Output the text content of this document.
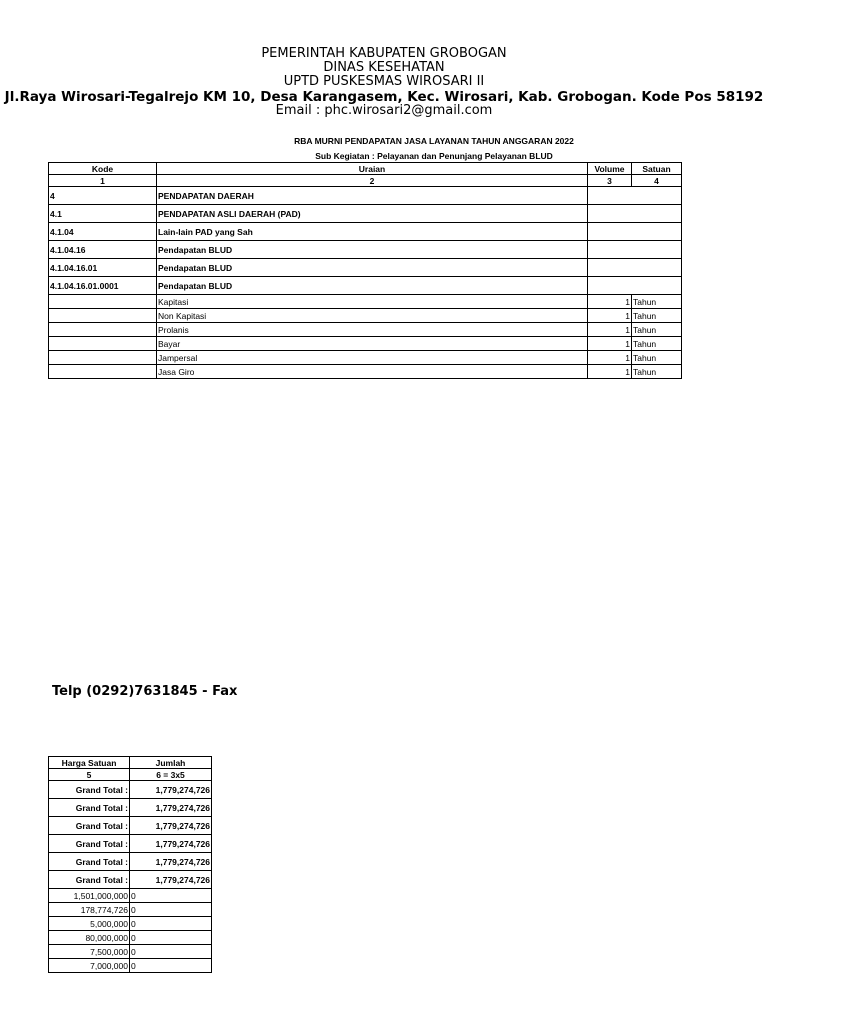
PEMERINTAH KABUPATEN GROBOGAN
DINAS KESEHATAN
UPTD PUSKESMAS WIROSARI II
Jl.Raya Wirosari-Tegalrejo KM 10, Desa Karangasem, Kec. Wirosari, Kab. Grobogan. Kode Pos 58192
Email : phc.wirosari2@gmail.com
RBA MURNI PENDAPATAN JASA LAYANAN TAHUN ANGGARAN 2022
Sub Kegiatan : Pelayanan dan Penunjang Pelayanan BLUD
Kode	Uraian	Volume	Satuan
1	2	3	4
4	PENDAPATAN DAERAH		
4.1	PENDAPATAN ASLI DAERAH (PAD)		
4.1.04	Lain-lain PAD yang Sah		
4.1.04.16	Pendapatan BLUD		
4.1.04.16.01	Pendapatan BLUD		
4.1.04.16.01.0001	Pendapatan BLUD		
	Kapitasi	1	Tahun
	Non Kapitasi	1	Tahun
	Prolanis	1	Tahun
	Bayar	1	Tahun
	Jampersal	1	Tahun
	Jasa Giro	1	Tahun
Telp (0292)7631845 - Fax
Harga Satuan	Jumlah
5	6 = 3x5
Grand Total :	1,779,274,726
Grand Total :	1,779,274,726
Grand Total :	1,779,274,726
Grand Total :	1,779,274,726
Grand Total :	1,779,274,726
Grand Total :	1,779,274,726
1,501,000,000	0
178,774,726	0
5,000,000	0
80,000,000	0
7,500,000	0
7,000,000	0
